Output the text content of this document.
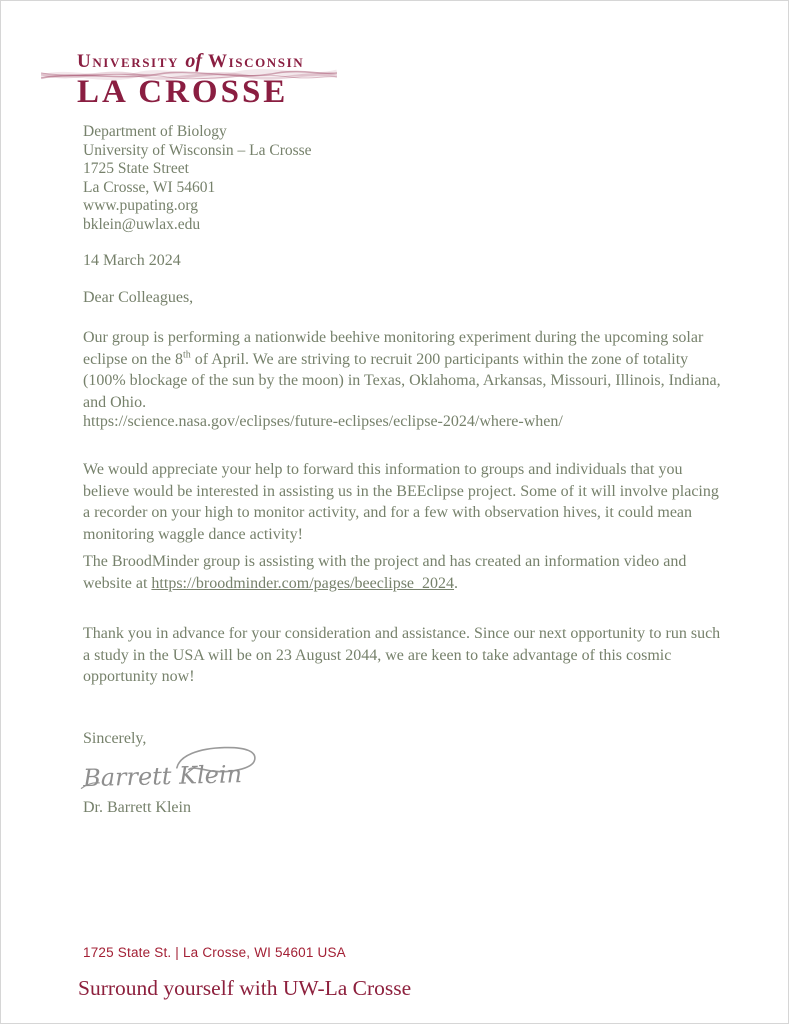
University of Wisconsin
LA CROSSE
Department of Biology
University of Wisconsin – La Crosse
1725 State Street
La Crosse, WI 54601
www.pupating.org
bklein@uwlax.edu
14 March 2024
Dear Colleagues,
Our group is performing a nationwide beehive monitoring experiment during the upcoming solar eclipse on the 8th of April. We are striving to recruit 200 participants within the zone of totality (100% blockage of the sun by the moon) in Texas, Oklahoma, Arkansas, Missouri, Illinois, Indiana, and Ohio.
https://science.nasa.gov/eclipses/future-eclipses/eclipse-2024/where-when/
We would appreciate your help to forward this information to groups and individuals that you believe would be interested in assisting us in the BEEclipse project. Some of it will involve placing a recorder on your high to monitor activity, and for a few with observation hives, it could mean monitoring waggle dance activity!
The BroodMinder group is assisting with the project and has created an information video and website at https://broodminder.com/pages/beeclipse_2024.
Thank you in advance for your consideration and assistance. Since our next opportunity to run such a study in the USA will be on 23 August 2044, we are keen to take advantage of this cosmic opportunity now!
Sincerely,
Barrett Klein
Dr. Barrett Klein
1725 State St. | La Crosse, WI 54601 USA
Surround yourself with UW-La Crosse
